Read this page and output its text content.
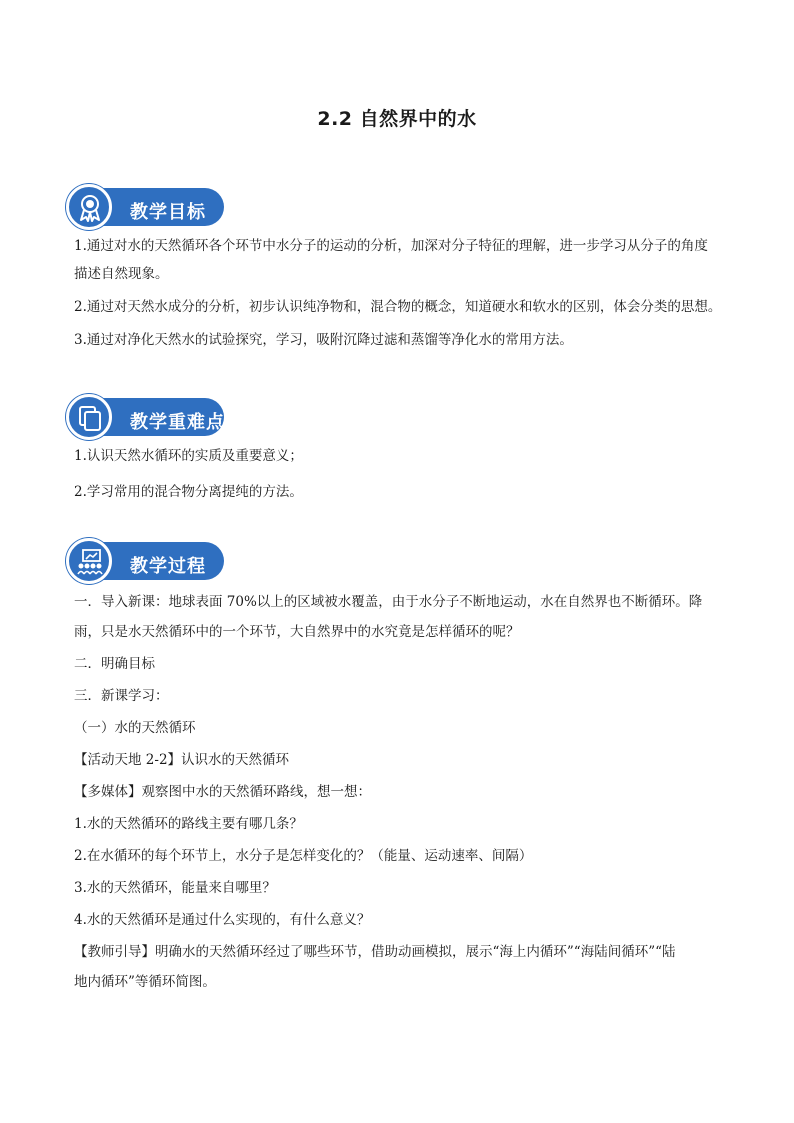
2.2 自然界中的水
教学目标

1.通过对水的天然循环各个环节中水分子的运动的分析，加深对分子特征的理解，进一步学习从分子的角度

描述自然现象。

2.通过对天然水成分的分析，初步认识纯净物和，混合物的概念，知道硬水和软水的区别，体会分类的思想。

3.通过对净化天然水的试验探究，学习，吸附沉降过滤和蒸馏等净化水的常用方法。

教学重难点

1.认识天然水循环的实质及重要意义；

2.学习常用的混合物分离提纯的方法。

教学过程

一．导入新课：地球表面 70%以上的区域被水覆盖，由于水分子不断地运动，水在自然界也不断循环。降

雨，只是水天然循环中的一个环节，大自然界中的水究竟是怎样循环的呢？

二．明确目标

三．新课学习：

（一）水的天然循环

【活动天地 2-2】认识水的天然循环

【多媒体】观察图中水的天然循环路线，想一想：

1.水的天然循环的路线主要有哪几条？

2.在水循环的每个环节上，水分子是怎样变化的？（能量、运动速率、间隔）

3.水的天然循环，能量来自哪里？

4.水的天然循环是通过什么实现的，有什么意义？

【教师引导】明确水的天然循环经过了哪些环节，借助动画模拟，展示“海上内循环”“海陆间循环”“陆

地内循环”等循环简图。
